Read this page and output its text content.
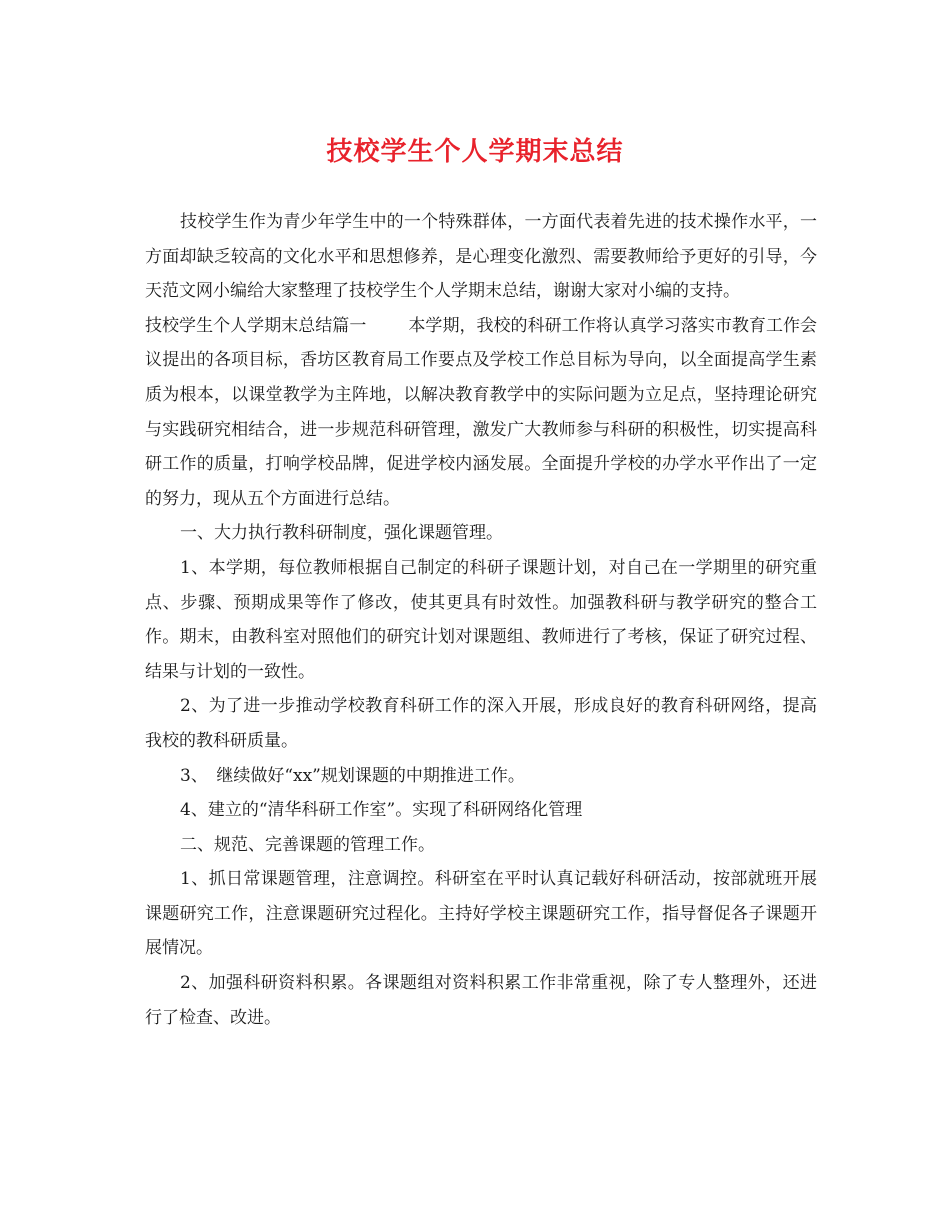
技校学生个人学期末总结

技校学生作为青少年学生中的一个特殊群体，一方面代表着先进的技术操作水平，一方面却缺乏较高的文化水平和思想修养，是心理变化激烈、需要教师给予更好的引导，今天范文网小编给大家整理了技校学生个人学期末总结，谢谢大家对小编的支持。

技校学生个人学期末总结篇一 本学期，我校的科研工作将认真学习落实市教育工作会议提出的各项目标，香坊区教育局工作要点及学校工作总目标为导向，以全面提高学生素质为根本，以课堂教学为主阵地，以解决教育教学中的实际问题为立足点，坚持理论研究与实践研究相结合，进一步规范科研管理，激发广大教师参与科研的积极性，切实提高科研工作的质量，打响学校品牌，促进学校内涵发展。全面提升学校的办学水平作出了一定的努力，现从五个方面进行总结。

一、大力执行教科研制度，强化课题管理。

1、本学期，每位教师根据自己制定的科研子课题计划，对自己在一学期里的研究重点、步骤、预期成果等作了修改，使其更具有时效性。加强教科研与教学研究的整合工作。期末，由教科室对照他们的研究计划对课题组、教师进行了考核，保证了研究过程、结果与计划的一致性。

2、为了进一步推动学校教育科研工作的深入开展，形成良好的教育科研网络，提高我校的教科研质量。

3、　继续做好“xx”规划课题的中期推进工作。

4、建立的“清华科研工作室”。实现了科研网络化管理

二、规范、完善课题的管理工作。

1、抓日常课题管理，注意调控。科研室在平时认真记载好科研活动，按部就班开展课题研究工作，注意课题研究过程化。主持好学校主课题研究工作，指导督促各子课题开展情况。

2、加强科研资料积累。各课题组对资料积累工作非常重视，除了专人整理外，还进行了检查、改进。
